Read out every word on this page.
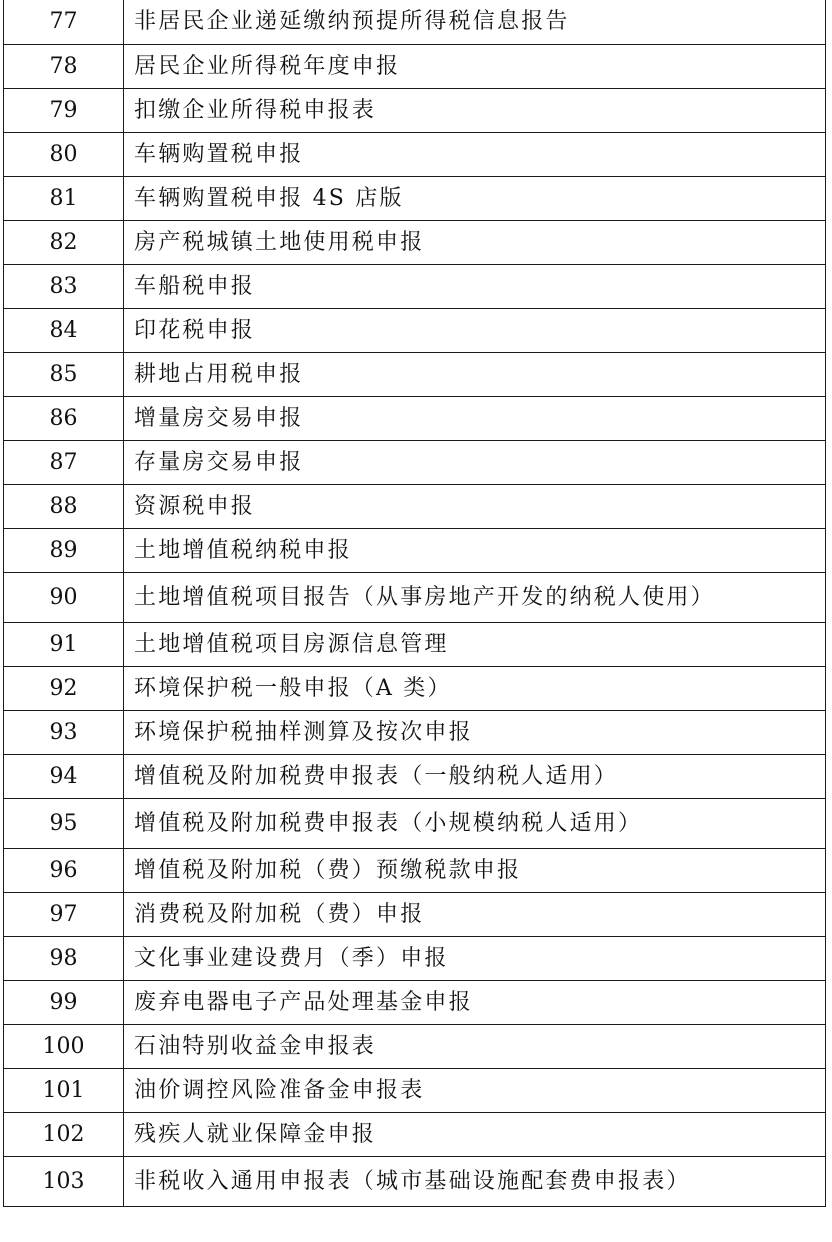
77	非居民企业递延缴纳预提所得税信息报告
78	居民企业所得税年度申报
79	扣缴企业所得税申报表
80	车辆购置税申报
81	车辆购置税申报 4S 店版
82	房产税城镇土地使用税申报
83	车船税申报
84	印花税申报
85	耕地占用税申报
86	增量房交易申报
87	存量房交易申报
88	资源税申报
89	土地增值税纳税申报
90	土地增值税项目报告（从事房地产开发的纳税人使用）
91	土地增值税项目房源信息管理
92	环境保护税一般申报（A 类）
93	环境保护税抽样测算及按次申报
94	增值税及附加税费申报表（一般纳税人适用）
95	增值税及附加税费申报表（小规模纳税人适用）
96	增值税及附加税（费）预缴税款申报
97	消费税及附加税（费）申报
98	文化事业建设费月（季）申报
99	废弃电器电子产品处理基金申报
100	石油特别收益金申报表
101	油价调控风险准备金申报表
102	残疾人就业保障金申报
103	非税收入通用申报表（城市基础设施配套费申报表）
